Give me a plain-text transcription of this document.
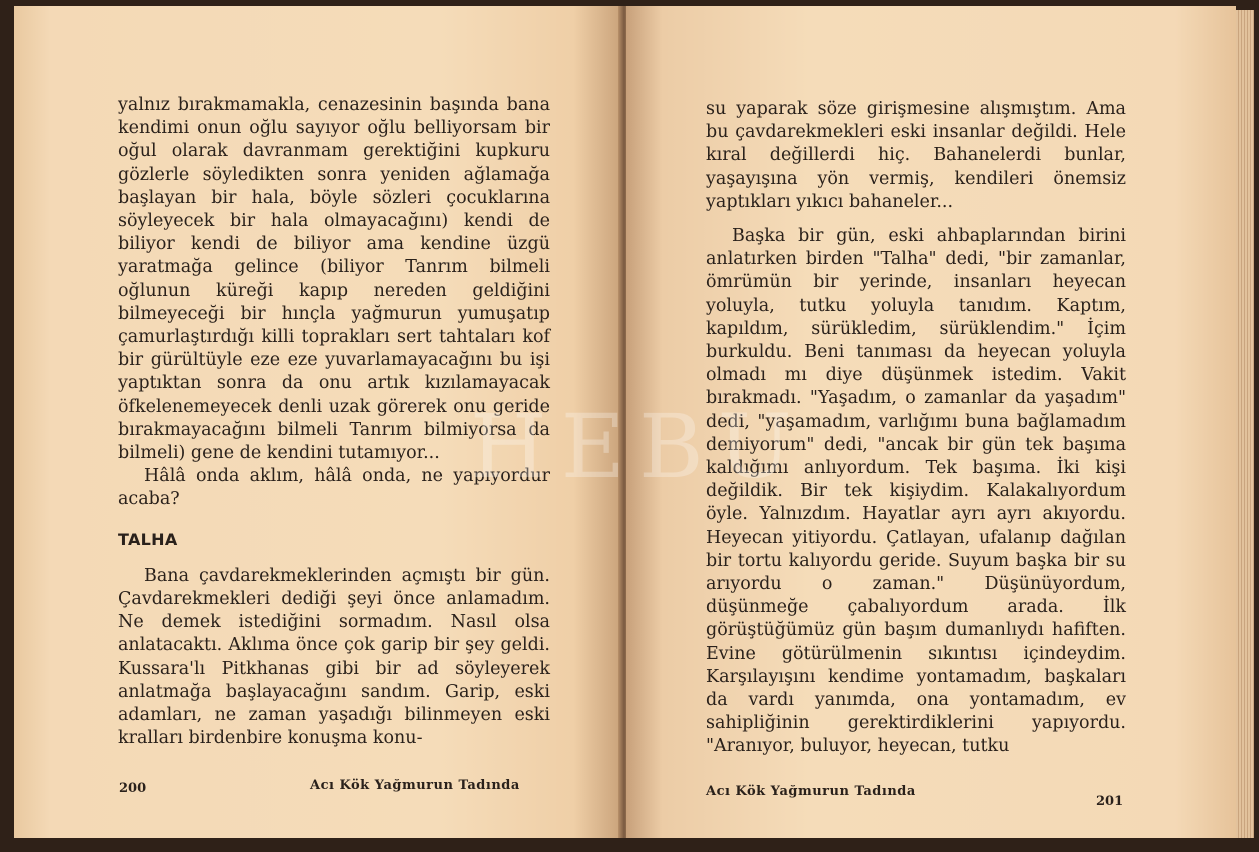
yalnız bırakmamakla, cenazesinin başında bana kendimi onun oğlu sayıyor oğlu belliyorsam bir oğul olarak davranmam gerektiğini kupkuru gözlerle söyledikten sonra yeniden ağlamağa başlayan bir hala, böyle sözleri çocuklarına söyleyecek bir hala olmayacağını) kendi de biliyor kendi de biliyor ama kendine üzgü yaratmağa gelince (biliyor Tanrım bilmeli oğlunun küreği kapıp nereden geldiğini bilmeyeceği bir hınçla yağmurun yumuşatıp çamurlaştırdığı killi toprakları sert tahtaları kof bir gürültüyle eze eze yuvarlamayacağını bu işi yaptıktan sonra da onu artık kızılamayacak öfkelenemeyecek denli uzak görerek onu geride bırakmayacağını bilmeli Tanrım bilmiyorsa da bilmeli) gene de kendini tutamıyor...

Hâlâ onda aklım, hâlâ onda, ne yapıyordur acaba?

TALHA

Bana çavdarekmeklerinden açmıştı bir gün. Çavdarekmekleri dediği şeyi önce anlamadım. Ne demek istediğini sormadım. Nasıl olsa anlatacaktı. Aklıma önce çok garip bir şey geldi. Kussara'lı Pitkhanas gibi bir ad söyleyerek anlatmağa başlayacağını sandım. Garip, eski adamları, ne zaman yaşadığı bilinmeyen eski kralları birdenbire konuşma konu-

200	Acı Kök Yağmurun Tadında

su yaparak söze girişmesine alışmıştım. Ama bu çavdarekmekleri eski insanlar değildi. Hele kıral değillerdi hiç. Bahanelerdi bunlar, yaşayışına yön vermiş, kendileri önemsiz yaptıkları yıkıcı bahaneler...

Başka bir gün, eski ahbaplarından birini anlatırken birden "Talha" dedi, "bir zamanlar, ömrümün bir yerinde, insanları heyecan yoluyla, tutku yoluyla tanıdım. Kaptım, kapıldım, sürükledim, sürüklendim." İçim burkuldu. Beni tanıması da heyecan yoluyla olmadı mı diye düşünmek istedim. Vakit bırakmadı. "Yaşadım, o zamanlar da yaşadım" dedi, "yaşamadım, varlığımı buna bağlamadım demiyorum" dedi, "ancak bir gün tek başıma kaldığımı anlıyordum. Tek başıma. İki kişi değildik. Bir tek kişiydim. Kalakalıyordum öyle. Yalnızdım. Hayatlar ayrı ayrı akıyordu. Heyecan yitiyordu. Çatlayan, ufalanıp dağılan bir tortu kalıyordu geride. Suyum başka bir su arıyordu o zaman." Düşünüyordum, düşünmeğe çabalıyordum arada. İlk görüştüğümüz gün başım dumanlıydı hafiften. Evine götürülmenin sıkıntısı içindeydim. Karşılayışını kendime yontamadım, başkaları da vardı yanımda, ona yontamadım, ev sahipliğinin gerektirdiklerini yapıyordu. "Aranıyor, buluyor, heyecan, tutku

Acı Kök Yağmurun Tadında
201
HEBU
